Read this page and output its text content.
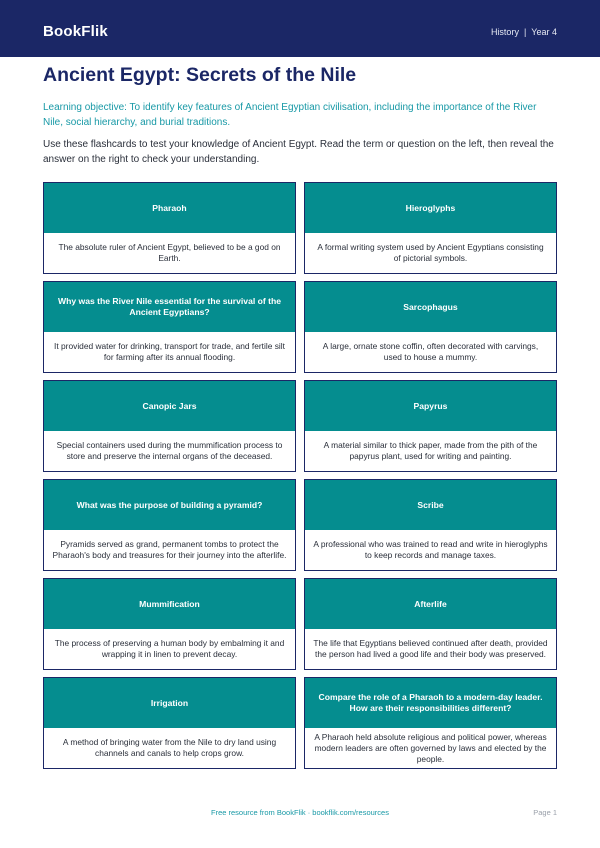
BookFlik	History | Year 4
Ancient Egypt: Secrets of the Nile

Learning objective: To identify key features of Ancient Egyptian civilisation, including the importance of the River Nile, social hierarchy, and burial traditions.

Use these flashcards to test your knowledge of Ancient Egypt. Read the term or question on the left, then reveal the answer on the right to check your understanding.

Pharaoh
The absolute ruler of Ancient Egypt, believed to be a god on Earth.
Hieroglyphs
A formal writing system used by Ancient Egyptians consisting of pictorial symbols.
Why was the River Nile essential for the survival of the Ancient Egyptians?
It provided water for drinking, transport for trade, and fertile silt for farming after its annual flooding.
Sarcophagus
A large, ornate stone coffin, often decorated with carvings, used to house a mummy.
Canopic Jars
Special containers used during the mummification process to store and preserve the internal organs of the deceased.
Papyrus
A material similar to thick paper, made from the pith of the papyrus plant, used for writing and painting.
What was the purpose of building a pyramid?
Pyramids served as grand, permanent tombs to protect the Pharaoh's body and treasures for their journey into the afterlife.
Scribe
A professional who was trained to read and write in hieroglyphs to keep records and manage taxes.
Mummification
The process of preserving a human body by embalming it and wrapping it in linen to prevent decay.
Afterlife
The life that Egyptians believed continued after death, provided the person had lived a good life and their body was preserved.
Irrigation
A method of bringing water from the Nile to dry land using channels and canals to help crops grow.
Compare the role of a Pharaoh to a modern-day leader. How are their responsibilities different?
A Pharaoh held absolute religious and political power, whereas modern leaders are often governed by laws and elected by the people.
Free resource from BookFlik · bookflik.com/resources	Page 1
